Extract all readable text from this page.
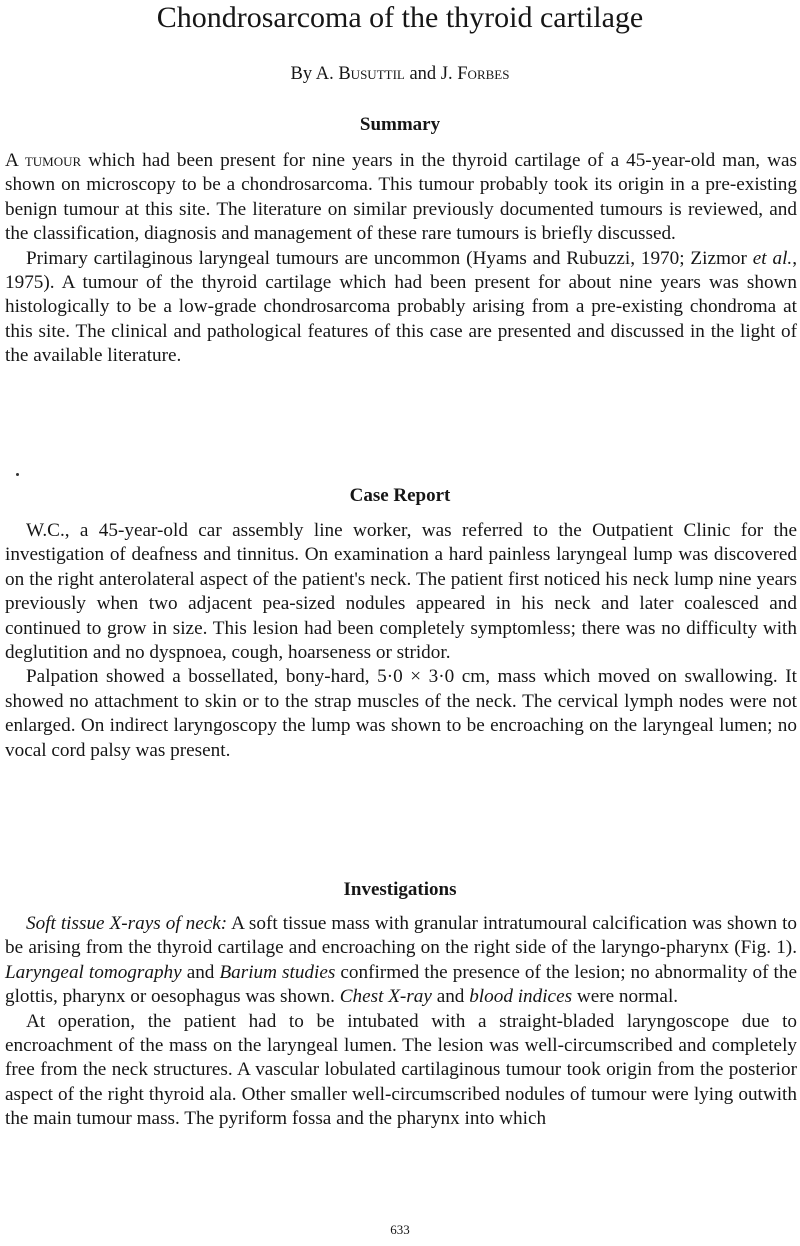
Chondrosarcoma of the thyroid cartilage
By A. Busuttil and J. Forbes
Summary

A tumour which had been present for nine years in the thyroid cartilage of a 45-year-old man, was shown on microscopy to be a chondrosarcoma. This tumour probably took its origin in a pre-existing benign tumour at this site. The literature on similar previously documented tumours is reviewed, and the classification, diagnosis and management of these rare tumours is briefly discussed.

Primary cartilaginous laryngeal tumours are uncommon (Hyams and Rubuzzi, 1970; Zizmor et al., 1975). A tumour of the thyroid cartilage which had been present for about nine years was shown histologically to be a low-grade chondrosarcoma probably arising from a pre-existing chondroma at this site. The clinical and pathological features of this case are presented and discussed in the light of the available literature.

Case Report

W.C., a 45-year-old car assembly line worker, was referred to the Outpatient Clinic for the investigation of deafness and tinnitus. On examination a hard painless laryngeal lump was discovered on the right anterolateral aspect of the patient's neck. The patient first noticed his neck lump nine years previously when two adjacent pea-sized nodules appeared in his neck and later coalesced and continued to grow in size. This lesion had been completely symptomless; there was no difficulty with deglutition and no dyspnoea, cough, hoarseness or stridor.

Palpation showed a bossellated, bony-hard, 5·0 × 3·0 cm, mass which moved on swallowing. It showed no attachment to skin or to the strap muscles of the neck. The cervical lymph nodes were not enlarged. On indirect laryngoscopy the lump was shown to be encroaching on the laryngeal lumen; no vocal cord palsy was present.

Investigations

Soft tissue X-rays of neck: A soft tissue mass with granular intratumoural calcification was shown to be arising from the thyroid cartilage and encroaching on the right side of the laryngo-pharynx (Fig. 1). Laryngeal tomography and Barium studies confirmed the presence of the lesion; no abnormality of the glottis, pharynx or oesophagus was shown. Chest X-ray and blood indices were normal.

At operation, the patient had to be intubated with a straight-bladed laryngoscope due to encroachment of the mass on the laryngeal lumen. The lesion was well-circumscribed and completely free from the neck structures. A vascular lobulated cartilaginous tumour took origin from the posterior aspect of the right thyroid ala. Other smaller well-circumscribed nodules of tumour were lying outwith the main tumour mass. The pyriform fossa and the pharynx into which

633
